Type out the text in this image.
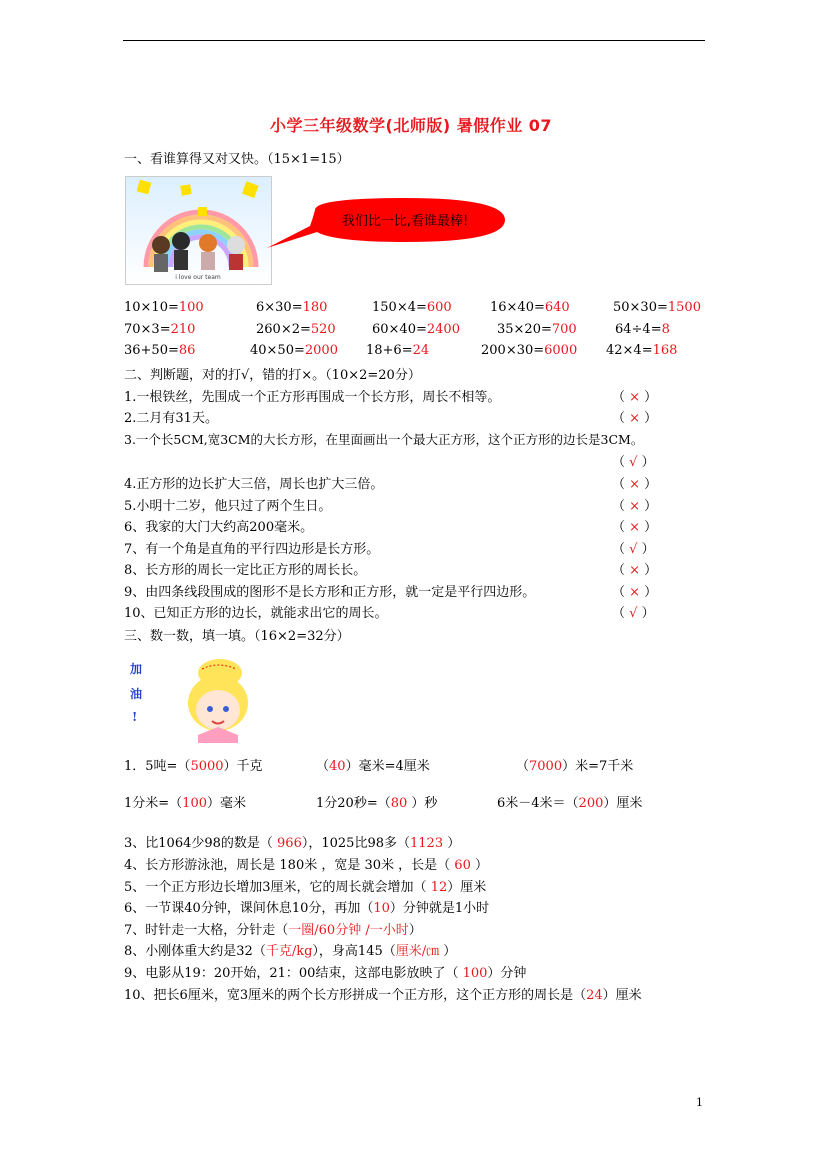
小学三年级数学(北师版) 暑假作业 07
一、看谁算得又对又快。（15×1=15）
i love our team
我们比一比,看谁最棒!
10×10=100	6×30=180	150×4=600	16×40=640	50×30=1500
70×3=210	260×2=520	60×40=2400	35×20=700	64÷4=8
36+50=86	40×50=2000 18+6=24	200×30=6000 42×4=168
二、判断题，对的打√，错的打×。（10×2=20分）
1.一根铁丝，先围成一个正方形再围成一个长方形，周长不相等。	（ × ）
2.二月有31天。	（ × ）
3.一个长5CM,宽3CM的大长方形，在里面画出一个最大正方形，这个正方形的边长是3CM。
（ √ ）
4.正方形的边长扩大三倍，周长也扩大三倍。	（ × ）
5.小明十二岁，他只过了两个生日。	（ × ）
6、我家的大门大约高200毫米。	（ × ）
7、有一个角是直角的平行四边形是长方形。	（ √ ）
8、长方形的周长一定比正方形的周长长。	（ × ）
9、由四条线段围成的图形不是长方形和正方形，就一定是平行四边形。	（ × ）
10、已知正方形的边长，就能求出它的周长。	（ √ ）
三、数一数，填一填。（16×2=32分）
加
油
!
1．5吨=（5000）千克	（40）毫米=4厘米	（7000）米=7千米
1分米=（100）毫米	1分20秒=（80 ）秒	6米－4米＝（200）厘米
3、比1064少98的数是（ 966），1025比98多（1123 ）
4、长方形游泳池，周长是 180米 ，宽是 30米 ，长是（ 60 ）
5、一个正方形边长增加3厘米，它的周长就会增加（ 12）厘米
6、一节课40分钟，课间休息10分，再加（10）分钟就是1小时
7、时针走一大格，分针走（一圈/60分钟 /一小时）
8、小刚体重大约是32（千克/kg），身高145（厘米/㎝ ）
9、电影从19：20开始，21：00结束，这部电影放映了（ 100）分钟
10、把长6厘米，宽3厘米的两个长方形拼成一个正方形，这个正方形的周长是（24）厘米
1
